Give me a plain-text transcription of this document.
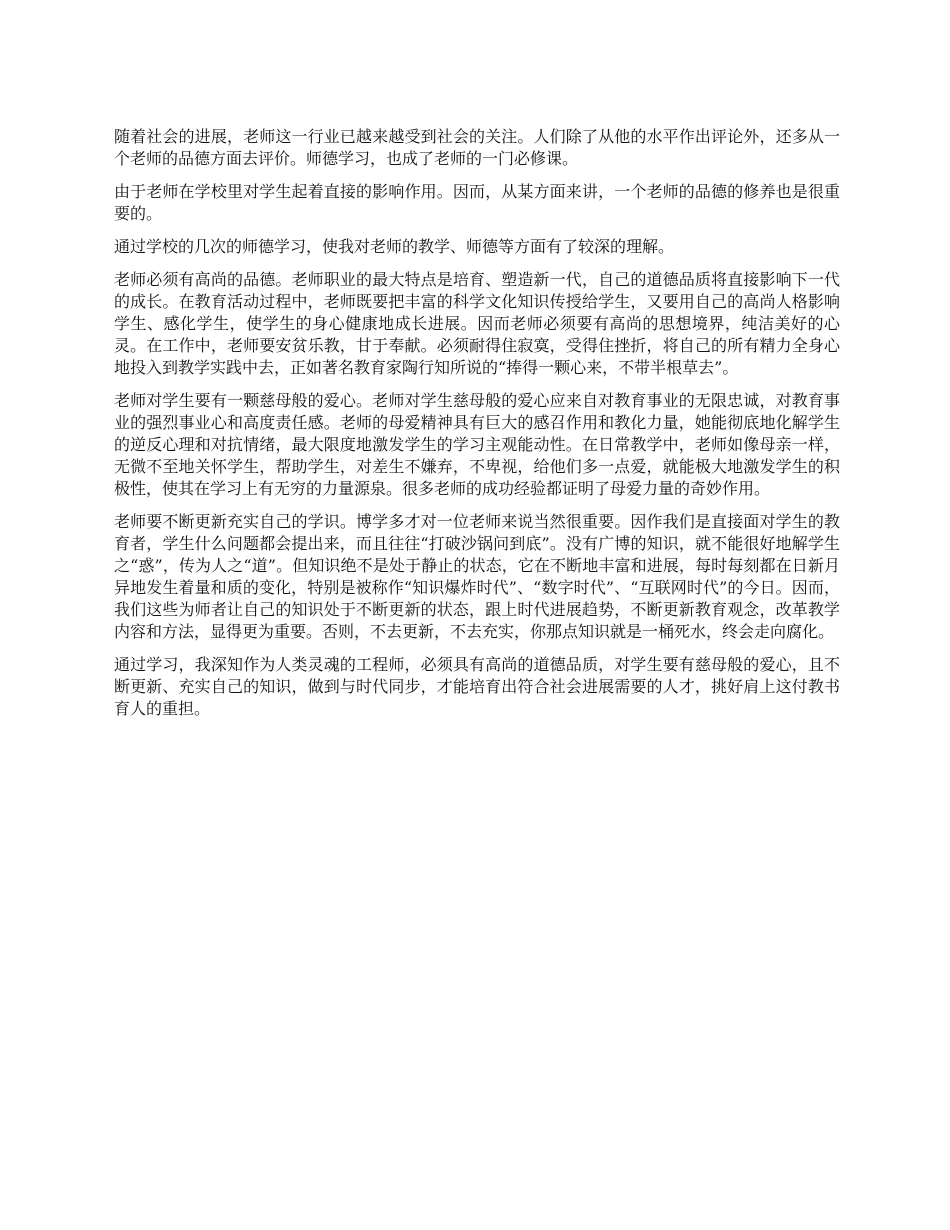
随着社会的进展，老师这一行业已越来越受到社会的关注。人们除了从他的水平作出评论外，还多从一个老师的品德方面去评价。师德学习，也成了老师的一门必修课。

由于老师在学校里对学生起着直接的影响作用。因而，从某方面来讲，一个老师的品德的修养也是很重要的。

通过学校的几次的师德学习，使我对老师的教学、师德等方面有了较深的理解。

老师必须有高尚的品德。老师职业的最大特点是培育、塑造新一代，自己的道德品质将直接影响下一代的成长。在教育活动过程中，老师既要把丰富的科学文化知识传授给学生，又要用自己的高尚人格影响学生、感化学生，使学生的身心健康地成长进展。因而老师必须要有高尚的思想境界，纯洁美好的心灵。在工作中，老师要安贫乐教，甘于奉献。必须耐得住寂寞，受得住挫折，将自己的所有精力全身心地投入到教学实践中去，正如著名教育家陶行知所说的“捧得一颗心来，不带半根草去”。

老师对学生要有一颗慈母般的爱心。老师对学生慈母般的爱心应来自对教育事业的无限忠诚，对教育事业的强烈事业心和高度责任感。老师的母爱精神具有巨大的感召作用和教化力量，她能彻底地化解学生的逆反心理和对抗情绪，最大限度地激发学生的学习主观能动性。在日常教学中，老师如像母亲一样，无微不至地关怀学生，帮助学生，对差生不嫌弃，不卑视，给他们多一点爱，就能极大地激发学生的积极性，使其在学习上有无穷的力量源泉。很多老师的成功经验都证明了母爱力量的奇妙作用。

老师要不断更新充实自己的学识。博学多才对一位老师来说当然很重要。因作我们是直接面对学生的教育者，学生什么问题都会提出来，而且往往“打破沙锅问到底”。没有广博的知识，就不能很好地解学生之“惑”，传为人之“道”。但知识绝不是处于静止的状态，它在不断地丰富和进展，每时每刻都在日新月异地发生着量和质的变化，特别是被称作“知识爆炸时代”、“数字时代”、“互联网时代”的今日。因而，我们这些为师者让自己的知识处于不断更新的状态，跟上时代进展趋势，不断更新教育观念，改革教学内容和方法，显得更为重要。否则，不去更新，不去充实，你那点知识就是一桶死水，终会走向腐化。

通过学习，我深知作为人类灵魂的工程师，必须具有高尚的道德品质，对学生要有慈母般的爱心，且不断更新、充实自己的知识，做到与时代同步，才能培育出符合社会进展需要的人才，挑好肩上这付教书育人的重担。
